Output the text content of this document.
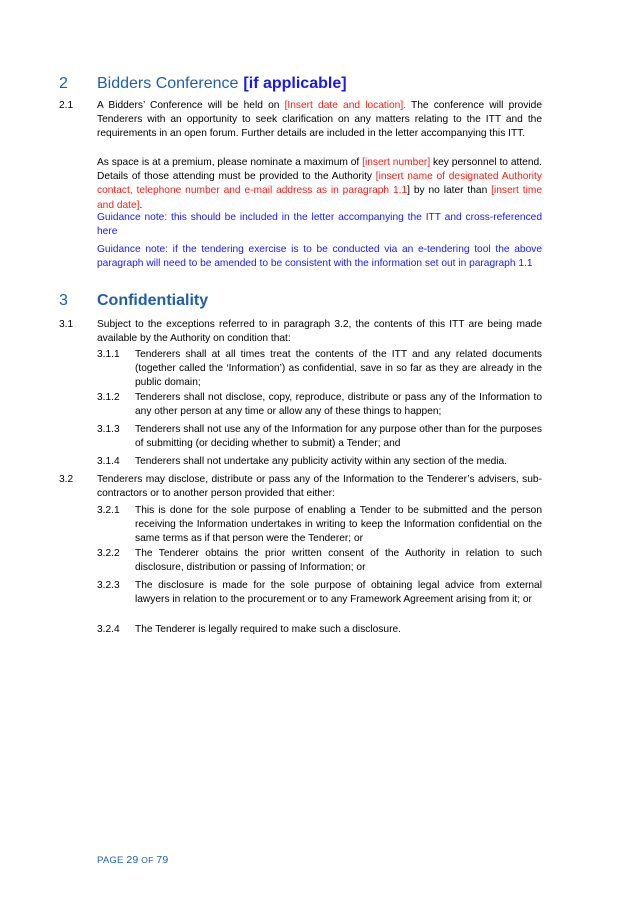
2	Bidders Conference [if applicable]
2.1 A Bidders’ Conference will be held on [Insert date and location]. The conference will provide Tenderers with an opportunity to seek clarification on any matters relating to the ITT and the requirements in an open forum. Further details are included in the letter accompanying this ITT.
As space is at a premium, please nominate a maximum of [insert number] key personnel to attend. Details of those attending must be provided to the Authority [insert name of designated Authority contact, telephone number and e-mail address as in paragraph 1.1] by no later than [insert time and date].
Guidance note: this should be included in the letter accompanying the ITT and cross-referenced here
Guidance note: if the tendering exercise is to be conducted via an e-tendering tool the above paragraph will need to be amended to be consistent with the information set out in paragraph 1.1
3	Confidentiality
3.1 Subject to the exceptions referred to in paragraph 3.2, the contents of this ITT are being made available by the Authority on condition that:
3.1.1 Tenderers shall at all times treat the contents of the ITT and any related documents (together called the ‘Information’) as confidential, save in so far as they are already in the public domain;
3.1.2 Tenderers shall not disclose, copy, reproduce, distribute or pass any of the Information to any other person at any time or allow any of these things to happen;
3.1.3 Tenderers shall not use any of the Information for any purpose other than for the purposes of submitting (or deciding whether to submit) a Tender; and
3.1.4 Tenderers shall not undertake any publicity activity within any section of the media.
3.2 Tenderers may disclose, distribute or pass any of the Information to the Tenderer’s advisers, sub-contractors or to another person provided that either:
3.2.1 This is done for the sole purpose of enabling a Tender to be submitted and the person receiving the Information undertakes in writing to keep the Information confidential on the same terms as if that person were the Tenderer; or
3.2.2 The Tenderer obtains the prior written consent of the Authority in relation to such disclosure, distribution or passing of Information; or
3.2.3 The disclosure is made for the sole purpose of obtaining legal advice from external lawyers in relation to the procurement or to any Framework Agreement arising from it; or
3.2.4 The Tenderer is legally required to make such a disclosure.
PAGE 29 OF 79
